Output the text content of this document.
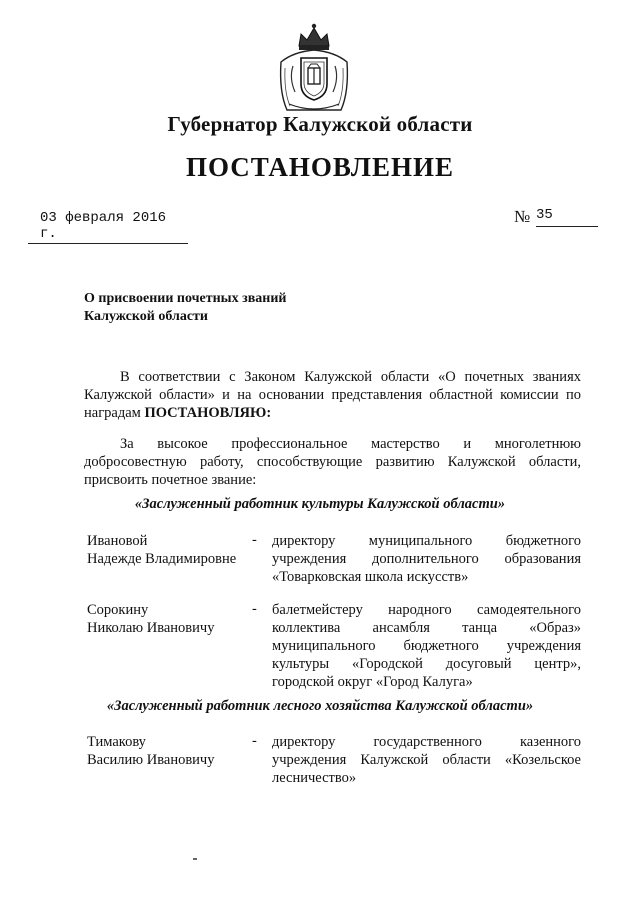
Губернатор Калужской области
ПОСТАНОВЛЕНИЕ
03 февраля 2016 г.
№ 35
О присвоении почетных званий
Калужской области
В соответствии с Законом Калужской области «О почетных званиях Калужской области» и на основании представления областной комиссии по наградам ПОСТАНОВЛЯЮ:
За высокое профессиональное мастерство и многолетнюю добросовестную работу, способствующие развитию Калужской области, присвоить почетное звание:
«Заслуженный работник культуры Калужской области»
Ивановой
Надежде Владимировне
- директору муниципального бюджетного учреждения дополнительного образования «Товарковская школа искусств»
Сорокину
Николаю Ивановичу
- балетмейстеру народного самодеятельного коллектива ансамбля танца «Образ» муниципального бюджетного учреждения культуры «Городской досуговый центр», городской округ «Город Калуга»
«Заслуженный работник лесного хозяйства Калужской области»
Тимакову
Василию Ивановичу
- директору государственного казенного учреждения Калужской области «Козельское лесничество»
